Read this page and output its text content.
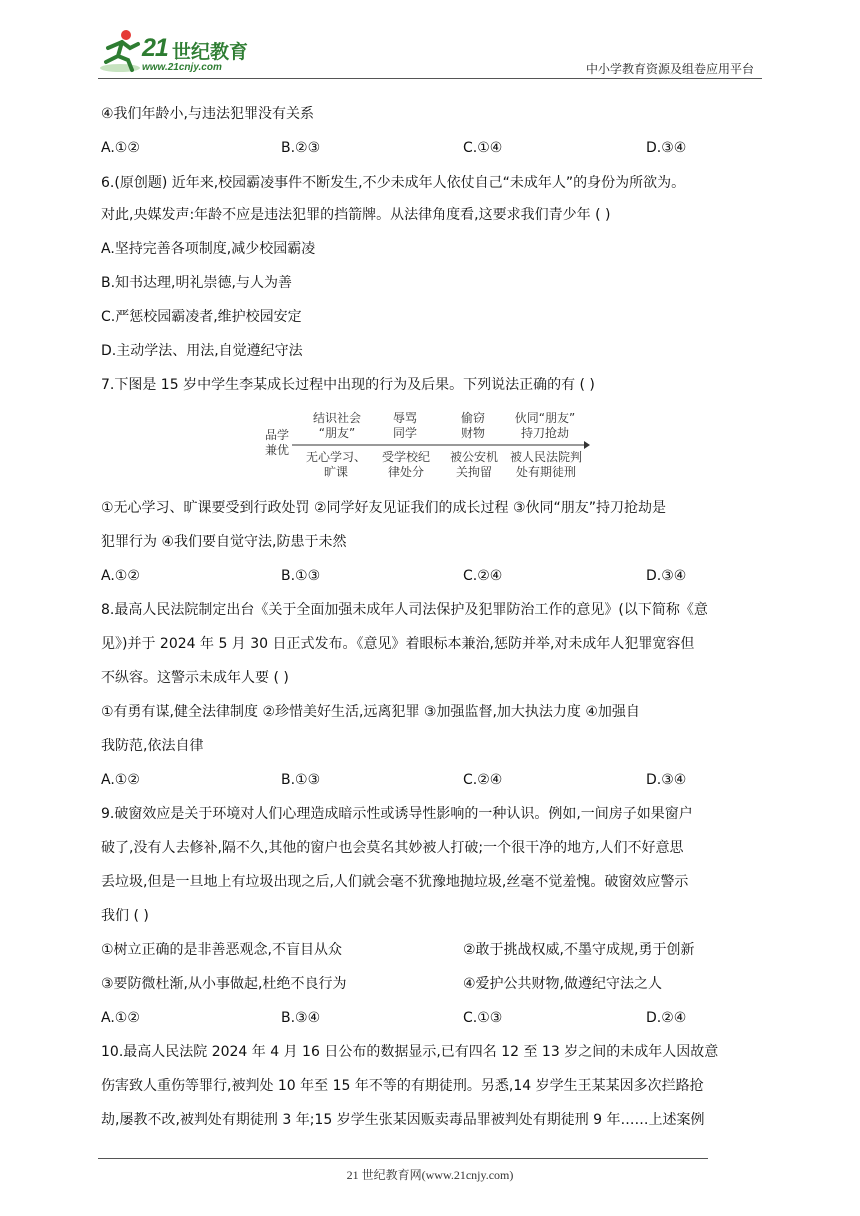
21 世纪教育
www.21cnjy.com	中小学教育资源及组卷应用平台
④我们年龄小,与违法犯罪没有关系
A.①②	B.②③	C.①④	D.③④
6.(原创题) 近年来,校园霸凌事件不断发生,不少未成年人依仗自己“未成年人”的身份为所欲为。
对此,央媒发声:年龄不应是违法犯罪的挡箭牌。从法律角度看,这要求我们青少年 ( )
A.坚持完善各项制度,减少校园霸凌
B.知书达理,明礼崇德,与人为善
C.严惩校园霸凌者,维护校园安定
D.主动学法、用法,自觉遵纪守法
7.下图是 15 岁中学生李某成长过程中出现的行为及后果。下列说法正确的有 ( )
①无心学习、旷课要受到行政处罚 ②同学好友见证我们的成长过程 ③伙同“朋友”持刀抢劫是
犯罪行为 ④我们要自觉守法,防患于未然
A.①②	B.①③	C.②④	D.③④
8.最高人民法院制定出台《关于全面加强未成年人司法保护及犯罪防治工作的意见》(以下简称《意
见》)并于 2024 年 5 月 30 日正式发布。《意见》着眼标本兼治,惩防并举,对未成年人犯罪宽容但
不纵容。这警示未成年人要 ( )
①有勇有谋,健全法律制度 ②珍惜美好生活,远离犯罪 ③加强监督,加大执法力度 ④加强自
我防范,依法自律
A.①②	B.①③	C.②④	D.③④
9.破窗效应是关于环境对人们心理造成暗示性或诱导性影响的一种认识。例如,一间房子如果窗户
破了,没有人去修补,隔不久,其他的窗户也会莫名其妙被人打破;一个很干净的地方,人们不好意思
丢垃圾,但是一旦地上有垃圾出现之后,人们就会毫不犹豫地抛垃圾,丝毫不觉羞愧。破窗效应警示
我们 ( )
①树立正确的是非善恶观念,不盲目从众	②敢于挑战权威,不墨守成规,勇于创新
③要防微杜渐,从小事做起,杜绝不良行为	④爱护公共财物,做遵纪守法之人
A.①②	B.③④	C.①③	D.②④
10.最高人民法院 2024 年 4 月 16 日公布的数据显示,已有四名 12 至 13 岁之间的未成年人因故意
伤害致人重伤等罪行,被判处 10 年至 15 年不等的有期徒刑。另悉,14 岁学生王某某因多次拦路抢
劫,屡教不改,被判处有期徒刑 3 年;15 岁学生张某因贩卖毒品罪被判处有期徒刑 9 年……上述案例
品学
兼优
结识社会
“朋友”
辱骂
同学
偷窃
财物
伙同“朋友”
持刀抢劫
无心学习、
旷课
受学校纪
律处分
被公安机
关拘留
被人民法院判
处有期徒刑
21 世纪教育网(www.21cnjy.com)
